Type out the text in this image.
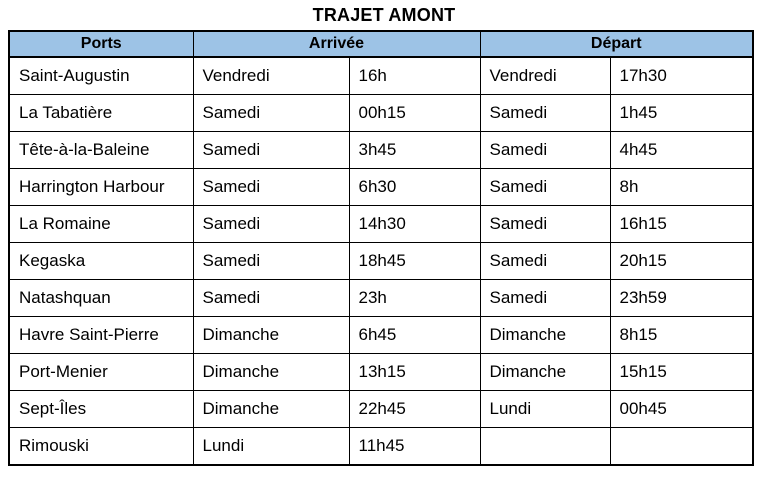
TRAJET AMONT
Ports	Arrivée		Départ	
Saint-Augustin	Vendredi	16h	Vendredi	17h30
La Tabatière	Samedi	00h15	Samedi	1h45
Tête-à-la-Baleine	Samedi	3h45	Samedi	4h45
Harrington Harbour	Samedi	6h30	Samedi	8h
La Romaine	Samedi	14h30	Samedi	16h15
Kegaska	Samedi	18h45	Samedi	20h15
Natashquan	Samedi	23h	Samedi	23h59
Havre Saint-Pierre	Dimanche	6h45	Dimanche	8h15
Port-Menier	Dimanche	13h15	Dimanche	15h15
Sept-Îles	Dimanche	22h45	Lundi	00h45
Rimouski	Lundi	11h45		
